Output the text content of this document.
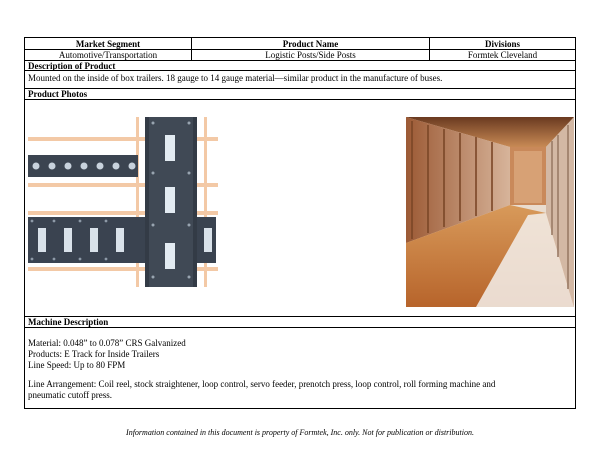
Market Segment	Product Name	Divisions
Automotive/Transportation	Logistic Posts/Side Posts	Formtek Cleveland
Description of Product
Mounted on the inside of box trailers. 18 gauge to 14 gauge material—similar product in the manufacture of buses.
Product Photos
Machine Description
Material: 0.048” to 0.078” CRS Galvanized
Products: E Track for Inside Trailers
Line Speed: Up to 80 FPM
Line Arrangement: Coil reel, stock straightener, loop control, servo feeder, prenotch press, loop control, roll forming machine and pneumatic cutoff press.
Information contained in this document is property of Formtek, Inc. only. Not for publication or distribution.
